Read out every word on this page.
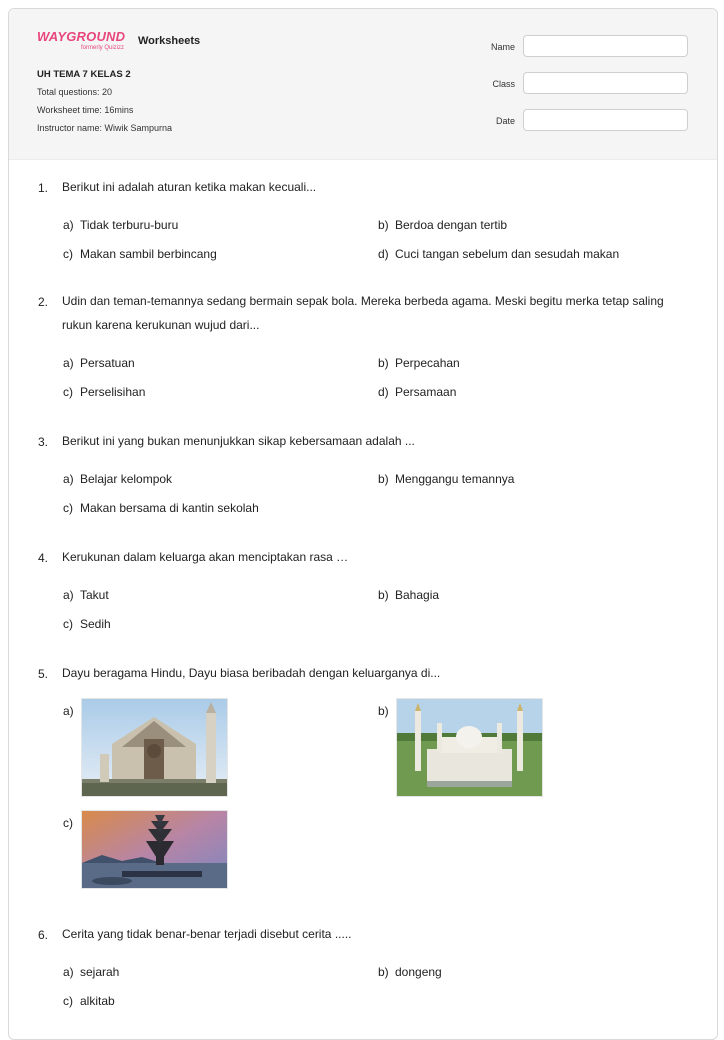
WAYGROUND
formerly Quizizz
Worksheets
UH TEMA 7 KELAS 2
Total questions: 20
Worksheet time: 16mins
Instructor name: Wiwik Sampurna
Name
Class
Date
1. Berikut ini adalah aturan ketika makan kecuali...
a) Tidak terburu-buru	b) Berdoa dengan tertib
c) Makan sambil berbincang	d) Cuci tangan sebelum dan sesudah makan
2. Udin dan teman-temannya sedang bermain sepak bola. Mereka berbeda agama. Meski begitu merka tetap saling rukun karena kerukunan wujud dari...
a) Persatuan	b) Perpecahan
c) Perselisihan	d) Persamaan
3. Berikut ini yang bukan menunjukkan sikap kebersamaan adalah ...
a) Belajar kelompok	b) Menggangu temannya
c) Makan bersama di kantin sekolah
4. Kerukunan dalam keluarga akan menciptakan rasa …
a) Takut	b) Bahagia
c) Sedih
5. Dayu beragama Hindu, Dayu biasa beribadah dengan keluarganya di...
a)	b)
c)
6. Cerita yang tidak benar-benar terjadi disebut cerita .....
a) sejarah	b) dongeng
c) alkitab
